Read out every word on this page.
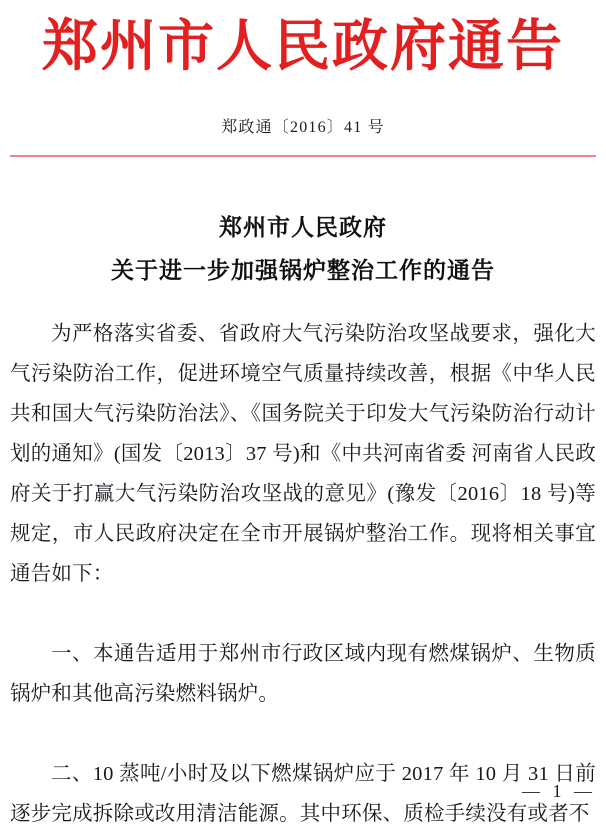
郑州市人民政府通告
郑政通〔2016〕41 号
郑州市人民政府
关于进一步加强锅炉整治工作的通告

为严格落实省委、省政府大气污染防治攻坚战要求，强化大气污染防治工作，促进环境空气质量持续改善，根据《中华人民共和国大气污染防治法》、《国务院关于印发大气污染防治行动计划的通知》(国发〔2013〕37 号)和《中共河南省委 河南省人民政府关于打赢大气污染防治攻坚战的意见》(豫发〔2016〕18 号)等规定，市人民政府决定在全市开展锅炉整治工作。现将相关事宜通告如下：

一、本通告适用于郑州市行政区域内现有燃煤锅炉、生物质锅炉和其他高污染燃料锅炉。

二、10 蒸吨/小时及以下燃煤锅炉应于 2017 年 10 月 31 日前逐步完成拆除或改用清洁能源。其中环保、质检手续没有或者不

— 1 —
